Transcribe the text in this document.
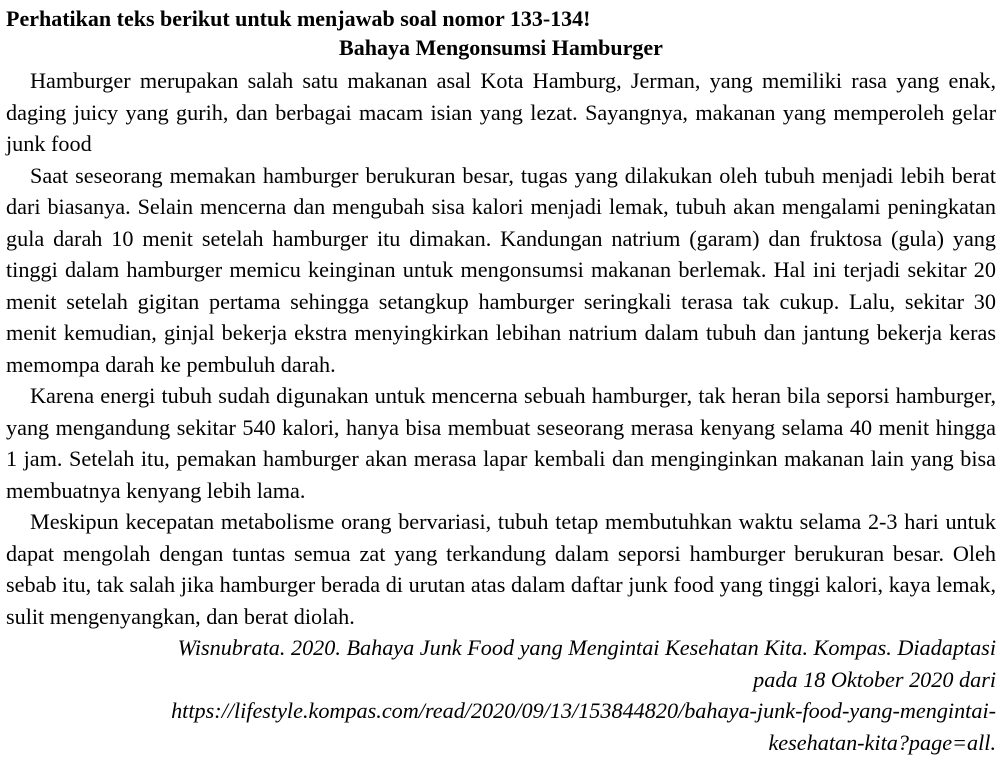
Perhatikan teks berikut untuk menjawab soal nomor 133-134!

Bahaya Mengonsumsi Hamburger

Hamburger merupakan salah satu makanan asal Kota Hamburg, Jerman, yang memiliki rasa yang enak, daging juicy yang gurih, dan berbagai macam isian yang lezat. Sayangnya, makanan yang memperoleh gelar junk food

Saat seseorang memakan hamburger berukuran besar, tugas yang dilakukan oleh tubuh menjadi lebih berat dari biasanya. Selain mencerna dan mengubah sisa kalori menjadi lemak, tubuh akan mengalami peningkatan gula darah 10 menit setelah hamburger itu dimakan. Kandungan natrium (garam) dan fruktosa (gula) yang tinggi dalam hamburger memicu keinginan untuk mengonsumsi makanan berlemak. Hal ini terjadi sekitar 20 menit setelah gigitan pertama sehingga setangkup hamburger seringkali terasa tak cukup. Lalu, sekitar 30 menit kemudian, ginjal bekerja ekstra menyingkirkan lebihan natrium dalam tubuh dan jantung bekerja keras memompa darah ke pembuluh darah.

Karena energi tubuh sudah digunakan untuk mencerna sebuah hamburger, tak heran bila seporsi hamburger, yang mengandung sekitar 540 kalori, hanya bisa membuat seseorang merasa kenyang selama 40 menit hingga 1 jam. Setelah itu, pemakan hamburger akan merasa lapar kembali dan menginginkan makanan lain yang bisa membuatnya kenyang lebih lama.

Meskipun kecepatan metabolisme orang bervariasi, tubuh tetap membutuhkan waktu selama 2-3 hari untuk dapat mengolah dengan tuntas semua zat yang terkandung dalam seporsi hamburger berukuran besar. Oleh sebab itu, tak salah jika hamburger berada di urutan atas dalam daftar junk food yang tinggi kalori, kaya lemak, sulit mengenyangkan, dan berat diolah.

Wisnubrata. 2020. Bahaya Junk Food yang Mengintai Kesehatan Kita. Kompas. Diadaptasi
pada 18 Oktober 2020 dari
https://lifestyle.kompas.com/read/2020/09/13/153844820/bahaya-junk-food-yang-mengintai-
kesehatan-kita?page=all.
